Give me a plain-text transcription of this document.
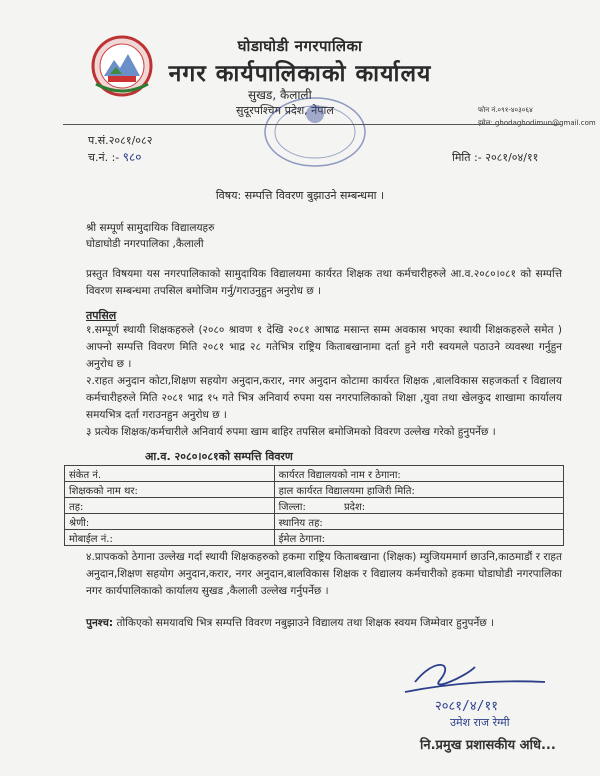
घोडाघोडी नगरपालिका
नगर कार्यपालिकाको कार्यालय
सुखड, कैलाली
सुदूरपश्चिम प्रदेश, नेपाल	फोन नं.०९१-४०३०६४
इमेल: ghodaghodimun@gmail.com
प.सं.२०८१/०८२
च.नं. :- ९८०	मिति :- २०८१/०४/११
विषय: सम्पत्ति विवरण बुझाउने सम्बन्धमा ।
श्री सम्पूर्ण सामुदायिक विद्यालयहरु
घोडाघोडी नगरपालिका ,कैलाली
प्रस्तुत विषयमा यस नगरपालिकाको सामुदायिक विद्यालयमा कार्यरत शिक्षक तथा कर्मचारीहरुले आ.व.२०८०।०८१ को सम्पत्ति विवरण सम्बन्धमा तपसिल बमोजिम गर्नु/गराउनुहुन अनुरोध छ ।
तपसिल

१.सम्पूर्ण स्थायी शिक्षकहरुले (२०८० श्रावण १ देखि २०८१ आषाढ मसान्त सम्म अवकास भएका स्थायी शिक्षकहरुले समेत ) आफ्नो सम्पत्ति विवरण मिति २०८१ भाद्र २८ गतेभित्र राष्ट्रिय किताबखानामा दर्ता हुने गरी स्वयमले पठाउने व्यवस्था गर्नुहुन अनुरोध छ ।

२.राहत अनुदान कोटा,शिक्षण सहयोग अनुदान,करार, नगर अनुदान कोटामा कार्यरत शिक्षक ,बालविकास सहजकर्ता र विद्यालय कर्मचारीहरुले मिति २०८१ भाद्र १५ गते भित्र अनिवार्य रुपमा यस नगरपालिकाको शिक्षा ,युवा तथा खेलकुद शाखामा कार्यालय समयभित्र दर्ता गराउनहुन अनुरोध छ ।

३ प्रत्येक शिक्षक/कर्मचारीले अनिवार्य रुपमा खाम बाहिर तपसिल बमोजिमको विवरण उल्लेख गरेको हुनुपर्नेछ ।

आ.व. २०८०।०८१को सम्पत्ति विवरण
संकेत नं.	कार्यरत विद्यालयको नाम र ठेगाना:
शिक्षकको नाम थर:	हाल कार्यरत विद्यालयमा हाजिरी मिति:
तह:	जिल्ला:            प्रदेश:
श्रेणी:	स्थानिय तह:
मोबाईल नं.:	ईमेल ठेगाना:
४.प्रापकको ठेगाना उल्लेख गर्दा स्थायी शिक्षकहरुको हकमा राष्ट्रिय किताबखाना (शिक्षक) म्युजियममार्ग छाउनि,काठमाडौं र राहत अनुदान,शिक्षण सहयोग अनुदान,करार, नगर अनुदान,बालविकास शिक्षक र विद्यालय कर्मचारीको हकमा घोडाघोडी नगरपालिका नगर कार्यपालिकाको कार्यालय सुखड ,कैलाली उल्लेख गर्नुपर्नेछ ।
पुनश्च: तोकिएको समयावधि भित्र सम्पत्ति विवरण नबुझाउने विद्यालय तथा शिक्षक स्वयम जिम्मेवार हुनुपर्नेछ ।
२०८१/४/११
उमेश राज रेग्मी
नि.प्रमुख प्रशासकीय अधि...
